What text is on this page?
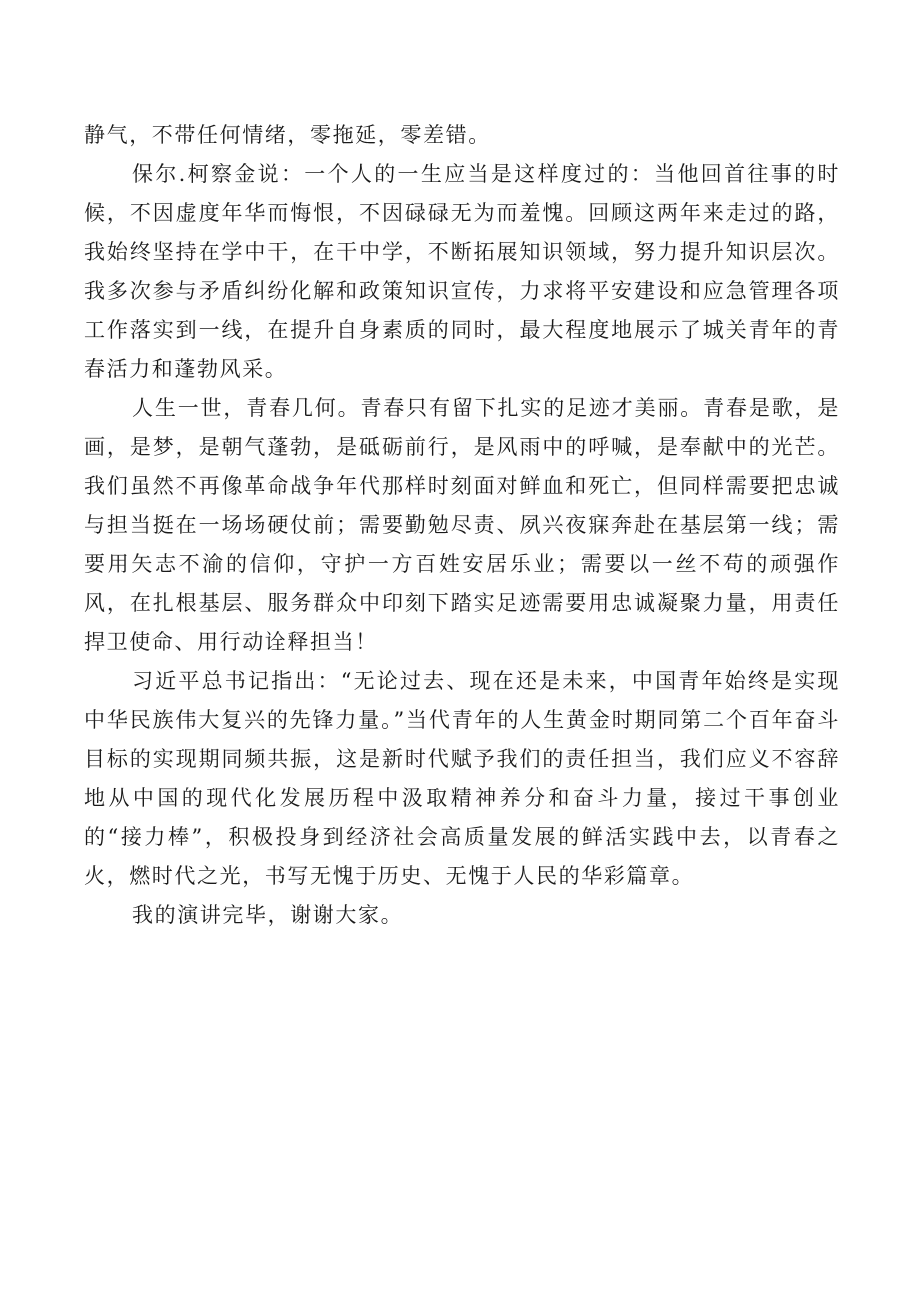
静气，不带任何情绪，零拖延，零差错。

保尔.柯察金说：一个人的一生应当是这样度过的：当他回首往事的时候，不因虚度年华而悔恨，不因碌碌无为而羞愧。回顾这两年来走过的路，我始终坚持在学中干，在干中学，不断拓展知识领域，努力提升知识层次。我多次参与矛盾纠纷化解和政策知识宣传，力求将平安建设和应急管理各项工作落实到一线，在提升自身素质的同时，最大程度地展示了城关青年的青春活力和蓬勃风采。

人生一世，青春几何。青春只有留下扎实的足迹才美丽。青春是歌，是画，是梦，是朝气蓬勃，是砥砺前行，是风雨中的呼喊，是奉献中的光芒。我们虽然不再像革命战争年代那样时刻面对鲜血和死亡，但同样需要把忠诚与担当挺在一场场硬仗前；需要勤勉尽责、夙兴夜寐奔赴在基层第一线；需要用矢志不渝的信仰，守护一方百姓安居乐业；需要以一丝不苟的顽强作风，在扎根基层、服务群众中印刻下踏实足迹需要用忠诚凝聚力量，用责任捍卫使命、用行动诠释担当！

习近平总书记指出：“无论过去、现在还是未来，中国青年始终是实现中华民族伟大复兴的先锋力量。”当代青年的人生黄金时期同第二个百年奋斗目标的实现期同频共振，这是新时代赋予我们的责任担当，我们应义不容辞地从中国的现代化发展历程中汲取精神养分和奋斗力量，接过干事创业的“接力棒”，积极投身到经济社会高质量发展的鲜活实践中去，以青春之火，燃时代之光，书写无愧于历史、无愧于人民的华彩篇章。

我的演讲完毕，谢谢大家。
